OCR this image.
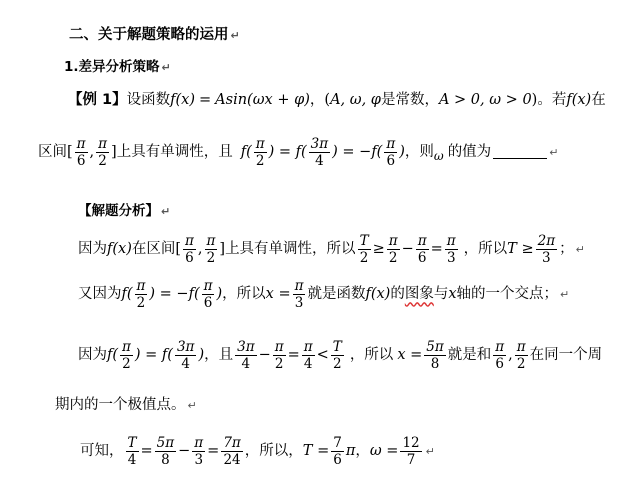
二、关于解题策略的运用 ↵
1.差异分析策略 ↵
【例 1】 设函数 f(x) = A sin(ωx + φ) ，( A, ω, φ 是常数， A > 0, ω > 0 )。若 f(x) 在
区间 [ $\frac{\pi}{6}$ , $\frac{\pi}{2}$ ] 上具有单调性，且 $f( \frac{\pi}{2}$ ) = $f( \frac{3\pi}{4}$ ) = $-f( \frac{\pi}{6}$ ) ，则 ω 的值为	↵
【解题分析】 ↵
因为 f(x) 在区间 [ $\frac{\pi}{6}$ , $\frac{\pi}{2}$ ] 上具有单调性，所以 $\frac{T}{2} \ge \frac{\pi}{2} - \frac{\pi}{6} = \frac{\pi}{3}$ ，所以 $T \ge \frac{2\pi}{3}$ ； ↵
又因为 $f( \frac{\pi}{2}$ ) = $-f( \frac{\pi}{6}$ ) ，所以 $x = \frac{\pi}{3}$ 就是函数 f(x) 的 图象 与 x 轴的一个交点； ↵
因为 $f( \frac{\pi}{2}$ ) = $f( \frac{3\pi}{4}$ ) ，且 $\frac{3\pi}{4} - \frac{\pi}{2} = \frac{\pi}{4} < \frac{T}{2}$ ，所以 $x = \frac{5\pi}{8}$ 就是和 $\frac{\pi}{6}$ , $\frac{\pi}{2}$ 在同一个周
期内的一个极值点。 ↵
可知， $\frac{T}{4} = \frac{5\pi}{8} - \frac{\pi}{3} = \frac{7\pi}{24}$ ，所以， $T = \frac{7}{6}$ π ， $\omega = \frac{12}{7}$ ↵
